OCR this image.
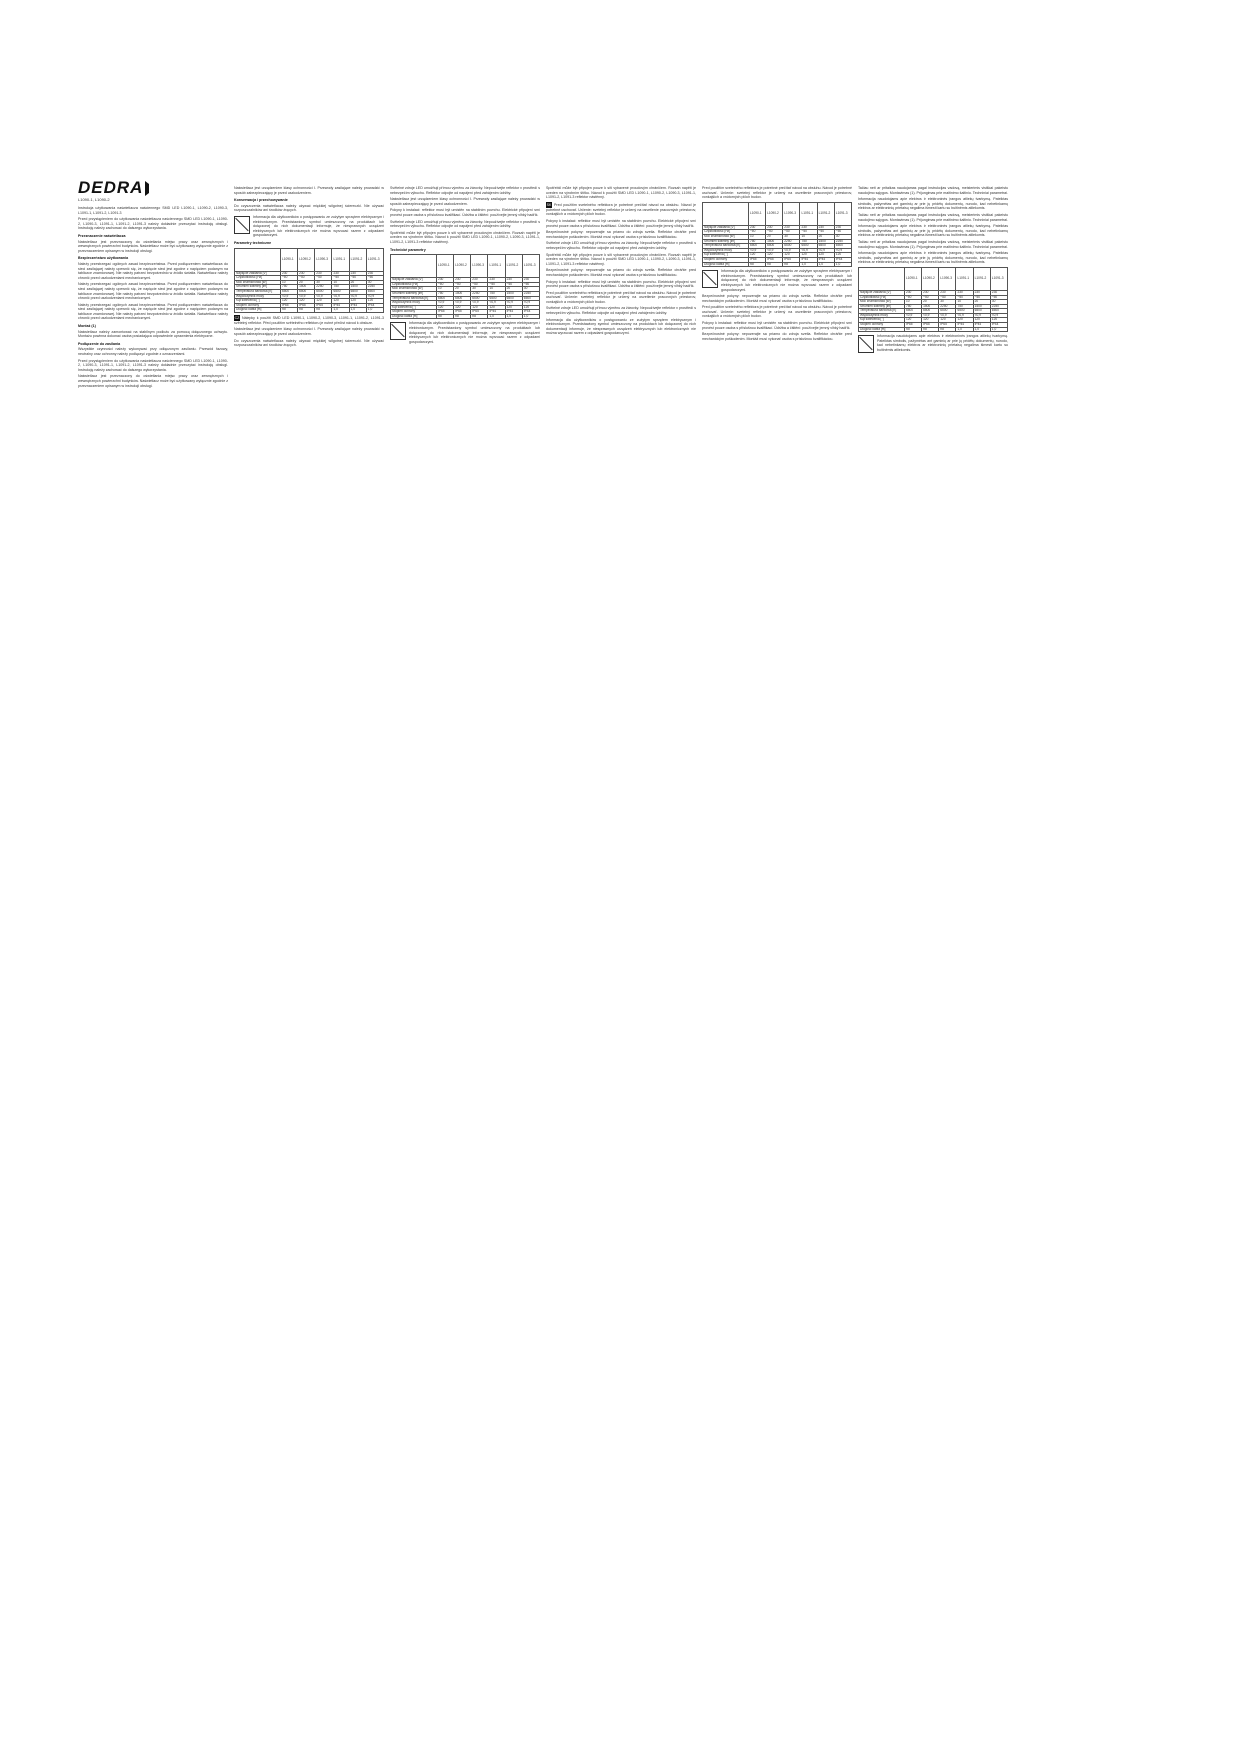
DEDRA
L1090-1, L1090-2

Instrukcja użytkowania naświetlacza naściennego SMD LED L1090-1, L1090-2, L1090-3, L1091-1, L1091-2, L1091-3

Przed przystąpieniem do użytkowania naświetlacza naściennego SMD LED L1090-1, L1090-2, L1090-3, L1091-1, L1091-2, L1091-3 należy dokładnie przeczytać instrukcję obsługi. Instrukcję należy zachować do dalszego wykorzystania.

Przeznaczenie naświetlacza

Naświetlacz jest przeznaczony do oświetlania miejsc pracy oraz zewnętrznych i wewnętrznych powierzchni budynków. Naświetlacz może być użytkowany wyłącznie zgodnie z przeznaczeniem opisanym w instrukcji obsługi.

Bezpieczeństwo użytkowania

Należy przestrzegać ogólnych zasad bezpieczeństwa. Przed podłączeniem naświetlacza do sieci zasilającej należy upewnić się, że napięcie sieci jest zgodne z napięciem podanym na tabliczce znamionowej. Nie należy patrzeć bezpośrednio w źródło światła. Naświetlacz należy chronić przed uszkodzeniami mechanicznymi.

Należy przestrzegać ogólnych zasad bezpieczeństwa. Przed podłączeniem naświetlacza do sieci zasilającej należy upewnić się, że napięcie sieci jest zgodne z napięciem podanym na tabliczce znamionowej. Nie należy patrzeć bezpośrednio w źródło światła. Naświetlacz należy chronić przed uszkodzeniami mechanicznymi.

Należy przestrzegać ogólnych zasad bezpieczeństwa. Przed podłączeniem naświetlacza do sieci zasilającej należy upewnić się, że napięcie sieci jest zgodne z napięciem podanym na tabliczce znamionowej. Nie należy patrzeć bezpośrednio w źródło światła. Naświetlacz należy chronić przed uszkodzeniami mechanicznymi.

Montaż (1)

Naświetlacz należy zamontować na stabilnym podłożu za pomocą dołączonego uchwytu. Montażu powinna dokonać osoba posiadająca odpowiednie uprawnienia elektryczne.

Podłączenie do zasilania

Wszystkie czynności należy wykonywać przy odłączonym zasilaniu. Przewód fazowy, neutralny oraz ochronny należy podłączyć zgodnie z oznaczeniami.

Przed przystąpieniem do użytkowania naświetlacza naściennego SMD LED L1090-1, L1090-2, L1090-3, L1091-1, L1091-2, L1091-3 należy dokładnie przeczytać instrukcję obsługi. Instrukcję należy zachować do dalszego wykorzystania.

Naświetlacz jest przeznaczony do oświetlania miejsc pracy oraz zewnętrznych i wewnętrznych powierzchni budynków. Naświetlacz może być użytkowany wyłącznie zgodnie z przeznaczeniem opisanym w instrukcji obsługi.

Naświetlacz jest urządzeniem klasy ochronności I. Przewody zasilające należy prowadzić w sposób zabezpieczający je przed uszkodzeniem.

Konserwacja i przechowywanie

Do czyszczenia naświetlacza należy używać miękkiej wilgotnej ściereczki. Nie używać rozpuszczalników ani środków żrących.

Informacja dla użytkowników o postępowaniu ze zużytym sprzętem elektrycznym i elektronicznym. Przedstawiony symbol umieszczony na produktach lub dołączonej do nich dokumentacji informuje, że niesprawnych urządzeń elektrycznych lub elektronicznych nie można wyrzucać razem z odpadami gospodarczymi.

Parametry techniczne

	L1090-1	L1090-2	L1090-3	L1091-1	L1091-2	L1091-3
Napięcie zasilania [V]	230	230	230	230	230	230
Częstotliwość [Hz]	~50	~50	~50	~50	~50	~50
Moc znamionowa [W]	10	20	30	10	20	30
Strumień świetlny [lm]	750	1500	2250	750	1500	2250
Temperatura barwowa [K]	6500	6500	6500	6500	6500	6500
Współczynnik mocy	<0,9	<0,9	<0,9	<0,9	<0,9	<0,9
Kąt świecenia [°]	120	120	120	120	120	120
Stopień ochrony	IP65	IP65	IP65	IP44	IP44	IP44
Długość kabla [m]	nd	nd	nd	1,0	1,0	1,0

CZ Nálepky k použití SMD LED L1090-1, L1090-2, L1090-3, L1091-1, L1091-2, L1091-3 světelný reflektor. Před použitím světelného reflektoru je nutné přečíst návod k obsluze.

Naświetlacz jest urządzeniem klasy ochronności I. Przewody zasilające należy prowadzić w sposób zabezpieczający je przed uszkodzeniem.

Do czyszczenia naświetlacza należy używać miękkiej wilgotnej ściereczki. Nie używać rozpuszczalników ani środków żrących.

Světelné zdroje LED umožňují přímou výměnu za žárovky. Nepoužívejte reflektor v prostředí s nebezpečím výbuchu. Reflektor odpojte od napájení před zahájením údržby.

Naświetlacz jest urządzeniem klasy ochronności I. Przewody zasilające należy prowadzić w sposób zabezpieczający je przed uszkodzeniem.

Pokyny k instalaci: reflektor musí být umístěn na stabilním povrchu. Elektrické připojení smí provést pouze osoba s příslušnou kvalifikací. Údržba a čištění: používejte jemný vlhký hadřík.

Světelné zdroje LED umožňují přímou výměnu za žárovky. Nepoužívejte reflektor v prostředí s nebezpečím výbuchu. Reflektor odpojte od napájení před zahájením údržby.

Spotřebič může být připojen pouze k síti vybavené proudovým chráničem. Rozsah napětí je uveden na výrobním štítku. Návod k použití SMD LED L1090-1, L1090-2, L1090-3, L1091-1, L1091-2, L1091-3 reflektor nástěnný.

Technické parametry

	L1090-1	L1090-2	L1090-3	L1091-1	L1091-2	L1091-3
Napięcie zasilania [V]	230	230	230	230	230	230
Częstotliwość [Hz]	~50	~50	~50	~50	~50	~50
Moc znamionowa [W]	10	20	30	10	20	30
Strumień świetlny [lm]	750	1500	2250	750	1500	2250
Temperatura barwowa [K]	6500	6500	6500	6500	6500	6500
Współczynnik mocy	<0,9	<0,9	<0,9	<0,9	<0,9	<0,9
Kąt świecenia [°]	120	120	120	120	120	120
Stopień ochrony	IP65	IP65	IP65	IP44	IP44	IP44
Długość kabla [m]	nd	nd	nd	1,0	1,0	1,0

Informacja dla użytkowników o postępowaniu ze zużytym sprzętem elektrycznym i elektronicznym. Przedstawiony symbol umieszczony na produktach lub dołączonej do nich dokumentacji informuje, że niesprawnych urządzeń elektrycznych lub elektronicznych nie można wyrzucać razem z odpadami gospodarczymi.

Spotřebič může být připojen pouze k síti vybavené proudovým chráničem. Rozsah napětí je uveden na výrobním štítku. Návod k použití SMD LED L1090-1, L1090-2, L1090-3, L1091-1, L1091-2, L1091-3 reflektor nástěnný.

SK Pred použitím svetelného reflektora je potrebné prečítať návod na obsluhu. Návod je potrebné uschovať. Určenie: svetelný reflektor je určený na osvetlenie pracovných priestorov, vonkajších a vnútorných plôch budov.

Pokyny k instalaci: reflektor musí být umístěn na stabilním povrchu. Elektrické připojení smí provést pouze osoba s příslušnou kvalifikací. Údržba a čištění: používejte jemný vlhký hadřík.

Bezpečnostné pokyny: nepozerajte sa priamo do zdroja svetla. Reflektor chráňte pred mechanickým poškodením. Montáž musí vykonať osoba s príslušnou kvalifikáciou.

Světelné zdroje LED umožňují přímou výměnu za žárovky. Nepoužívejte reflektor v prostředí s nebezpečím výbuchu. Reflektor odpojte od napájení před zahájením údržby.

Spotřebič může být připojen pouze k síti vybavené proudovým chráničem. Rozsah napětí je uveden na výrobním štítku. Návod k použití SMD LED L1090-1, L1090-2, L1090-3, L1091-1, L1091-2, L1091-3 reflektor nástěnný.

Bezpečnostné pokyny: nepozerajte sa priamo do zdroja svetla. Reflektor chráňte pred mechanickým poškodením. Montáž musí vykonať osoba s príslušnou kvalifikáciou.

Pokyny k instalaci: reflektor musí být umístěn na stabilním povrchu. Elektrické připojení smí provést pouze osoba s příslušnou kvalifikací. Údržba a čištění: používejte jemný vlhký hadřík.

Pred použitím svetelného reflektora je potrebné prečítať návod na obsluhu. Návod je potrebné uschovať. Určenie: svetelný reflektor je určený na osvetlenie pracovných priestorov, vonkajších a vnútorných plôch budov.

Světelné zdroje LED umožňují přímou výměnu za žárovky. Nepoužívejte reflektor v prostředí s nebezpečím výbuchu. Reflektor odpojte od napájení před zahájením údržby.

Informacja dla użytkowników o postępowaniu ze zużytym sprzętem elektrycznym i elektronicznym. Przedstawiony symbol umieszczony na produktach lub dołączonej do nich dokumentacji informuje, że niesprawnych urządzeń elektrycznych lub elektronicznych nie można wyrzucać razem z odpadami gospodarczymi.

Pred použitím svetelného reflektora je potrebné prečítať návod na obsluhu. Návod je potrebné uschovať. Určenie: svetelný reflektor je určený na osvetlenie pracovných priestorov, vonkajších a vnútorných plôch budov.

	L1090-1	L1090-2	L1090-3	L1091-1	L1091-2	L1091-3
Napięcie zasilania [V]	230	230	230	230	230	230
Częstotliwość [Hz]	~50	~50	~50	~50	~50	~50
Moc znamionowa [W]	10	20	30	10	20	30
Strumień świetlny [lm]	750	1500	2250	750	1500	2250
Temperatura barwowa [K]	6500	6500	6500	6500	6500	6500
Współczynnik mocy	<0,9	<0,9	<0,9	<0,9	<0,9	<0,9
Kąt świecenia [°]	120	120	120	120	120	120
Stopień ochrony	IP65	IP65	IP65	IP44	IP44	IP44
Długość kabla [m]	nd	nd	nd	1,0	1,0	1,0

Informacja dla użytkowników o postępowaniu ze zużytym sprzętem elektrycznym i elektronicznym. Przedstawiony symbol umieszczony na produktach lub dołączonej do nich dokumentacji informuje, że niesprawnych urządzeń elektrycznych lub elektronicznych nie można wyrzucać razem z odpadami gospodarczymi.

Bezpečnostné pokyny: nepozerajte sa priamo do zdroja svetla. Reflektor chráňte pred mechanickým poškodením. Montáž musí vykonať osoba s príslušnou kvalifikáciou.

Pred použitím svetelného reflektora je potrebné prečítať návod na obsluhu. Návod je potrebné uschovať. Určenie: svetelný reflektor je určený na osvetlenie pracovných priestorov, vonkajších a vnútorných plôch budov.

Pokyny k instalaci: reflektor musí být umístěn na stabilním povrchu. Elektrické připojení smí provést pouze osoba s příslušnou kvalifikací. Údržba a čištění: používejte jemný vlhký hadřík.

Bezpečnostné pokyny: nepozerajte sa priamo do zdroja svetla. Reflektor chráňte pred mechanickým poškodením. Montáž musí vykonať osoba s príslušnou kvalifikáciou.

Tačiau neti ar pritaikas naudojamas pagal instrukcijas vadovą, meisterimis visiškai pakeistu naudojimo sąlygos. Montavimas (1). Prijungimas prie maitinimo šaltinio. Techniniai parametrai.

Informacija naudotojams apie elektros ir elektroninės įrangos atliekų tvarkymą. Pateiktas simbolis, pažymėtas ant gaminių ar prie jų pridėtų dokumentų, nurodo, kad nebetinkamų elektros ar elektroninių prietaisų negalima išmesti kartu su buitinėmis atliekomis.

Tačiau neti ar pritaikas naudojamas pagal instrukcijas vadovą, meisterimis visiškai pakeistu naudojimo sąlygos. Montavimas (1). Prijungimas prie maitinimo šaltinio. Techniniai parametrai.

Informacija naudotojams apie elektros ir elektroninės įrangos atliekų tvarkymą. Pateiktas simbolis, pažymėtas ant gaminių ar prie jų pridėtų dokumentų, nurodo, kad nebetinkamų elektros ar elektroninių prietaisų negalima išmesti kartu su buitinėmis atliekomis.

Tačiau neti ar pritaikas naudojamas pagal instrukcijas vadovą, meisterimis visiškai pakeistu naudojimo sąlygos. Montavimas (1). Prijungimas prie maitinimo šaltinio. Techniniai parametrai.

Informacija naudotojams apie elektros ir elektroninės įrangos atliekų tvarkymą. Pateiktas simbolis, pažymėtas ant gaminių ar prie jų pridėtų dokumentų, nurodo, kad nebetinkamų elektros ar elektroninių prietaisų negalima išmesti kartu su buitinėmis atliekomis.

	L1090-1	L1090-2	L1090-3	L1091-1	L1091-2	L1091-3
Napięcie zasilania [V]	230	230	230	230	230	230
Częstotliwość [Hz]	~50	~50	~50	~50	~50	~50
Moc znamionowa [W]	10	20	30	10	20	30
Strumień świetlny [lm]	750	1500	2250	750	1500	2250
Temperatura barwowa [K]	6500	6500	6500	6500	6500	6500
Współczynnik mocy	<0,9	<0,9	<0,9	<0,9	<0,9	<0,9
Kąt świecenia [°]	120	120	120	120	120	120
Stopień ochrony	IP65	IP65	IP65	IP44	IP44	IP44
Długość kabla [m]	nd	nd	nd	1,0	1,0	1,0

Informacija naudotojams apie elektros ir elektroninės įrangos atliekų tvarkymą. Pateiktas simbolis, pažymėtas ant gaminių ar prie jų pridėtų dokumentų, nurodo, kad nebetinkamų elektros ar elektroninių prietaisų negalima išmesti kartu su buitinėmis atliekomis.
